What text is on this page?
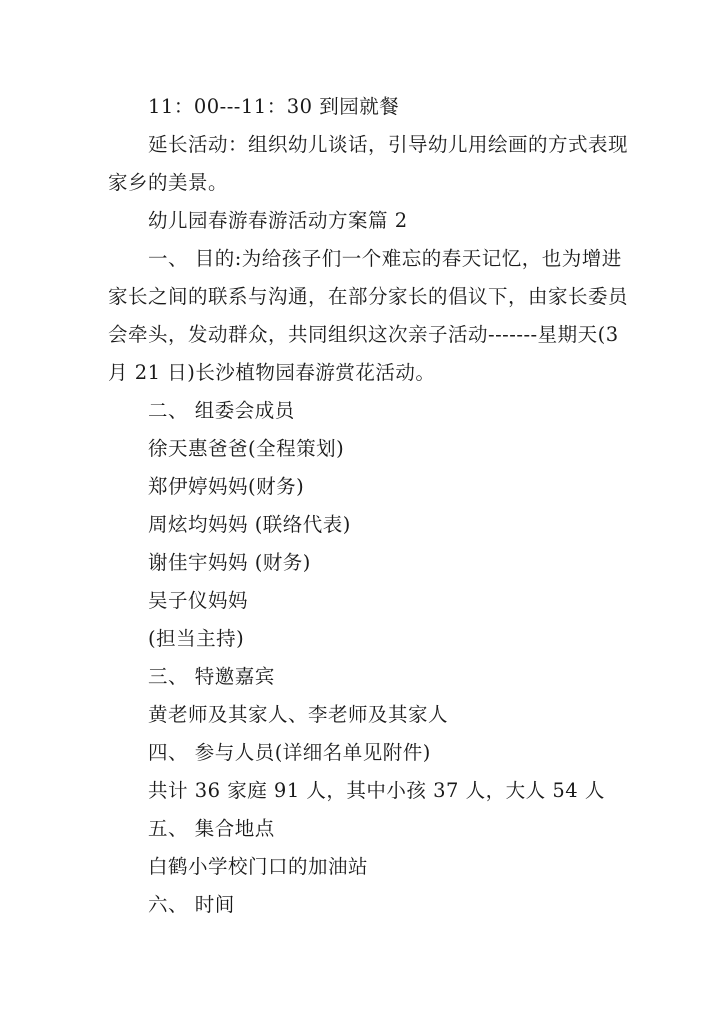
11：00---11：30 到园就餐
延长活动：组织幼儿谈话，引导幼儿用绘画的方式表现
家乡的美景。
幼儿园春游春游活动方案篇 2
一、 目的:为给孩子们一个难忘的春天记忆，也为增进
家长之间的联系与沟通，在部分家长的倡议下，由家长委员
会牵头，发动群众，共同组织这次亲子活动-------星期天(3
月 21 日)长沙植物园春游赏花活动。
二、 组委会成员
徐天惠爸爸(全程策划)
郑伊婷妈妈(财务)
周炫均妈妈 (联络代表)
谢佳宇妈妈 (财务)
吴子仪妈妈
(担当主持)
三、 特邀嘉宾
黄老师及其家人、李老师及其家人
四、 参与人员(详细名单见附件)
共计 36 家庭 91 人，其中小孩 37 人，大人 54 人
五、 集合地点
白鹤小学校门口的加油站
六、 时间
